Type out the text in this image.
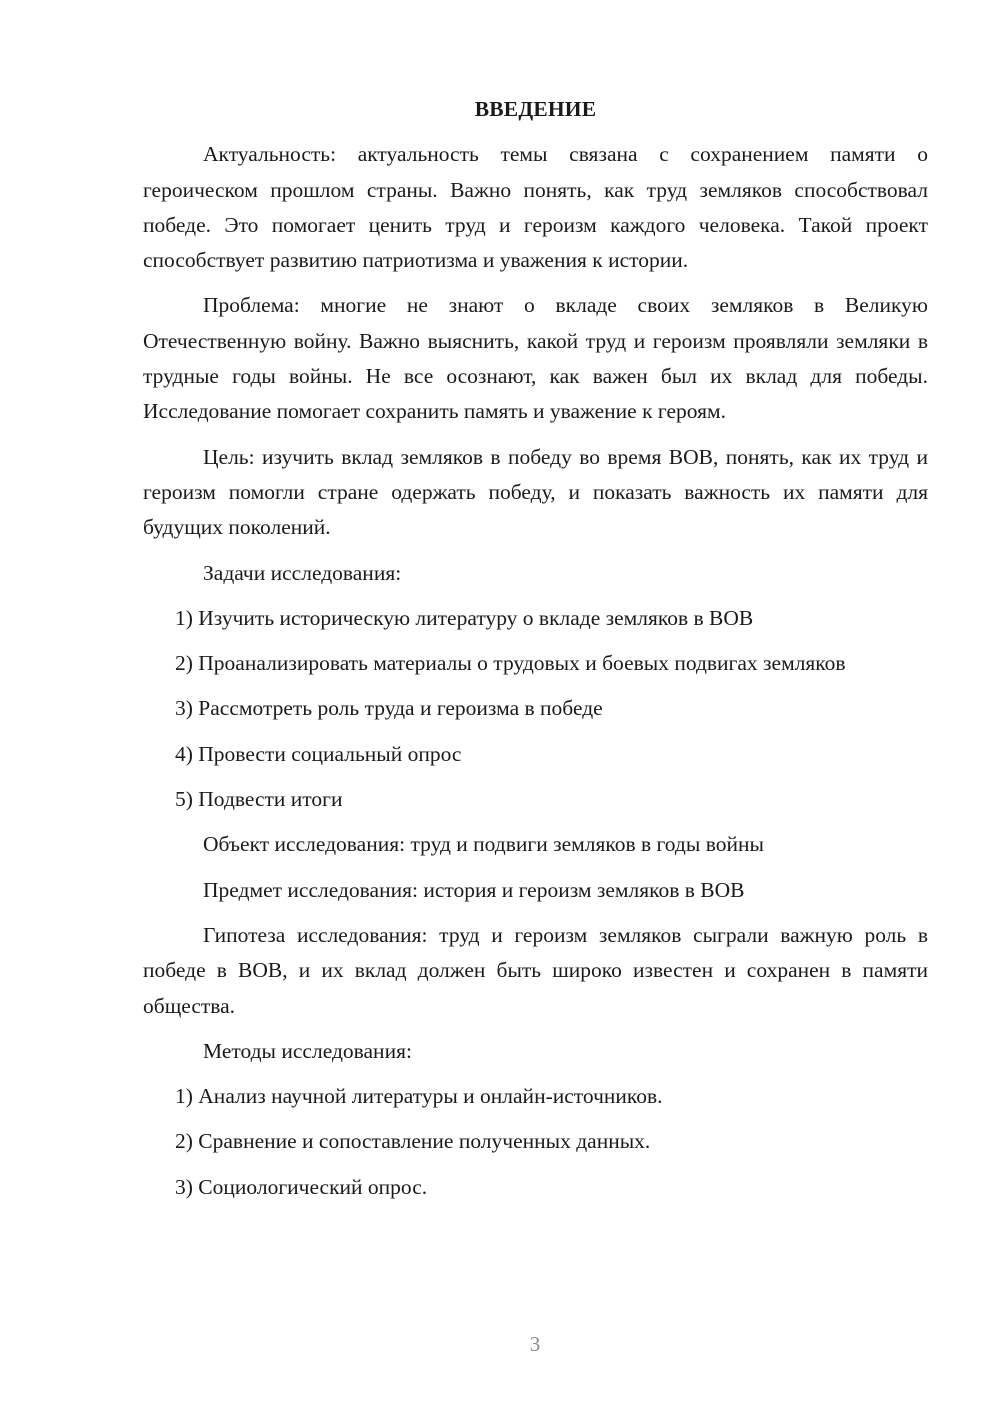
ВВЕДЕНИЕ

Актуальность: актуальность темы связана с сохранением памяти о героическом прошлом страны. Важно понять, как труд земляков способствовал победе. Это помогает ценить труд и героизм каждого человека. Такой проект способствует развитию патриотизма и уважения к истории.

Проблема: многие не знают о вкладе своих земляков в Великую Отечественную войну. Важно выяснить, какой труд и героизм проявляли земляки в трудные годы войны. Не все осознают, как важен был их вклад для победы. Исследование помогает сохранить память и уважение к героям.

Цель: изучить вклад земляков в победу во время ВОВ, понять, как их труд и героизм помогли стране одержать победу, и показать важность их памяти для будущих поколений.

Задачи исследования:
1) Изучить историческую литературу о вкладе земляков в ВОВ
2) Проанализировать материалы о трудовых и боевых подвигах земляков
3) Рассмотреть роль труда и героизма в победе
4) Провести социальный опрос
5) Подвести итоги
Объект исследования: труд и подвиги земляков в годы войны
Предмет исследования: история и героизм земляков в ВОВ

Гипотеза исследования: труд и героизм земляков сыграли важную роль в победе в ВОВ, и их вклад должен быть широко известен и сохранен в памяти общества.

Методы исследования:
1) Анализ научной литературы и онлайн-источников.
2) Сравнение и сопоставление полученных данных.
3) Социологический опрос.
3
